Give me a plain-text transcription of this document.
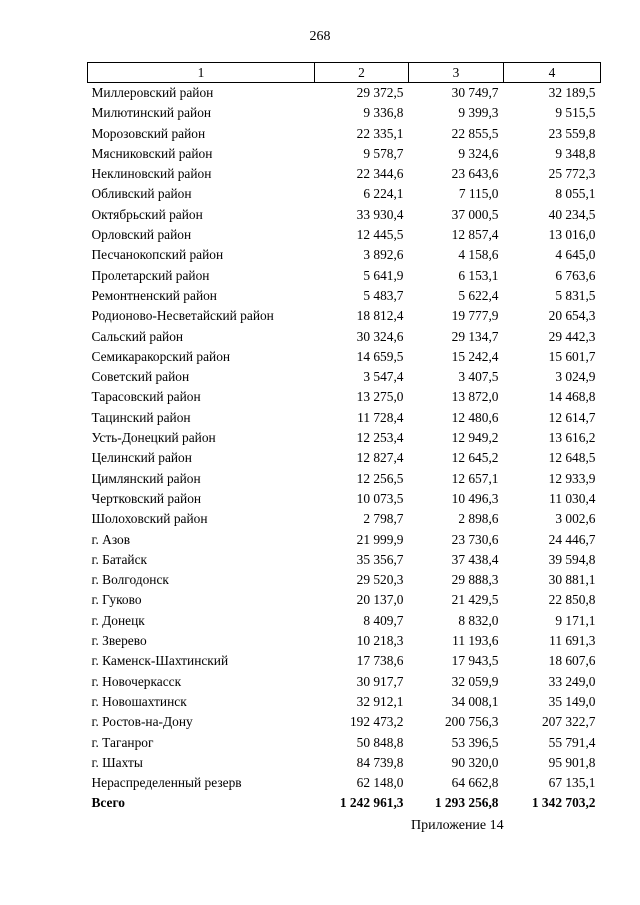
268
1	2	3	4
Миллеровский район	29 372,5	30 749,7	32 189,5
Милютинский район	9 336,8	9 399,3	9 515,5
Морозовский район	22 335,1	22 855,5	23 559,8
Мясниковский район	9 578,7	9 324,6	9 348,8
Неклиновский район	22 344,6	23 643,6	25 772,3
Обливский район	6 224,1	7 115,0	8 055,1
Октябрьский район	33 930,4	37 000,5	40 234,5
Орловский район	12 445,5	12 857,4	13 016,0
Песчанокопский район	3 892,6	4 158,6	4 645,0
Пролетарский район	5 641,9	6 153,1	6 763,6
Ремонтненский район	5 483,7	5 622,4	5 831,5
Родионово-Несветайский район	18 812,4	19 777,9	20 654,3
Сальский район	30 324,6	29 134,7	29 442,3
Семикаракорский район	14 659,5	15 242,4	15 601,7
Советский район	3 547,4	3 407,5	3 024,9
Тарасовский район	13 275,0	13 872,0	14 468,8
Тацинский район	11 728,4	12 480,6	12 614,7
Усть-Донецкий район	12 253,4	12 949,2	13 616,2
Целинский район	12 827,4	12 645,2	12 648,5
Цимлянский район	12 256,5	12 657,1	12 933,9
Чертковский район	10 073,5	10 496,3	11 030,4
Шолоховский район	2 798,7	2 898,6	3 002,6
г. Азов	21 999,9	23 730,6	24 446,7
г. Батайск	35 356,7	37 438,4	39 594,8
г. Волгодонск	29 520,3	29 888,3	30 881,1
г. Гуково	20 137,0	21 429,5	22 850,8
г. Донецк	8 409,7	8 832,0	9 171,1
г. Зверево	10 218,3	11 193,6	11 691,3
г. Каменск-Шахтинский	17 738,6	17 943,5	18 607,6
г. Новочеркасск	30 917,7	32 059,9	33 249,0
г. Новошахтинск	32 912,1	34 008,1	35 149,0
г. Ростов-на-Дону	192 473,2	200 756,3	207 322,7
г. Таганрог	50 848,8	53 396,5	55 791,4
г. Шахты	84 739,8	90 320,0	95 901,8
Нераспределенный резерв	62 148,0	64 662,8	67 135,1
Всего	1 242 961,3	1 293 256,8	1 342 703,2
Приложение 14
